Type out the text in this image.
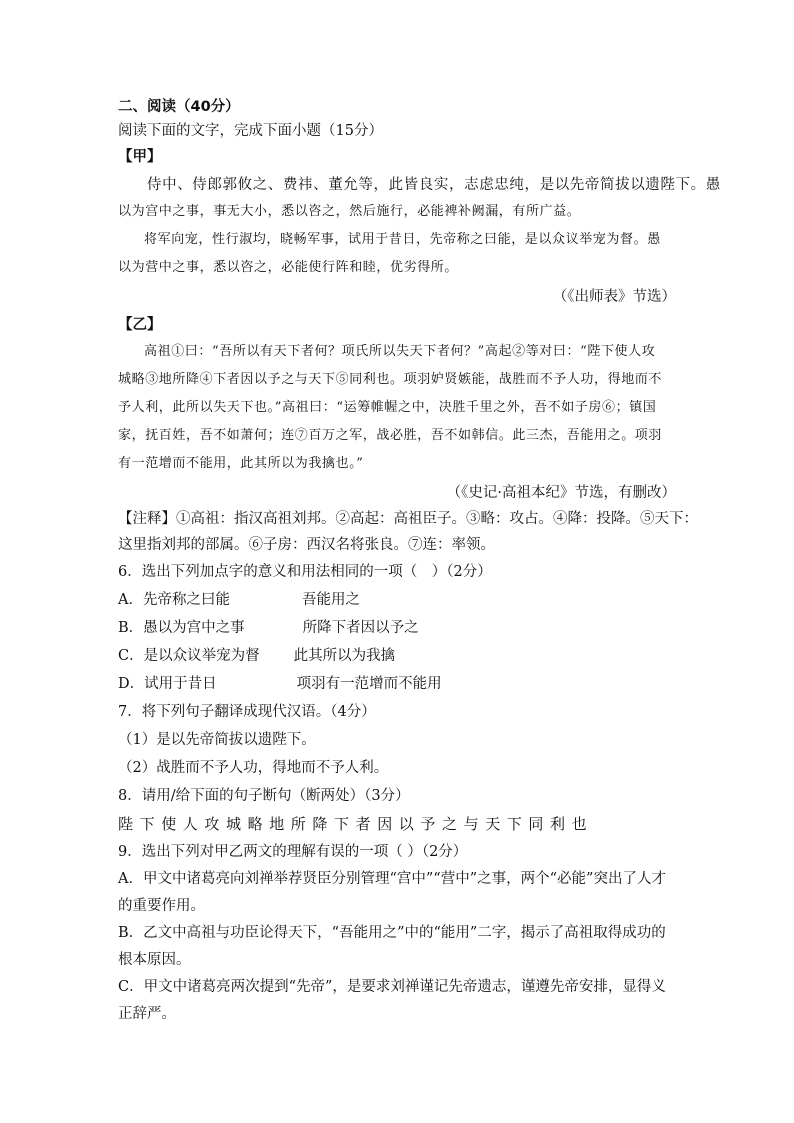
二、阅读（40分）
阅读下面的文字，完成下面小题（15分）
【甲】
侍中、侍郎郭攸之、费祎、董允等，此皆良实，志虑忠纯，是以先帝简拔以遗陛下。愚
以为宫中之事，事无大小，悉以咨之，然后施行，必能裨补阙漏，有所广益。
将军向宠，性行淑均，晓畅军事，试用于昔日，先帝称之曰能，是以众议举宠为督。愚
以为营中之事，悉以咨之，必能使行阵和睦，优劣得所。
（《出师表》节选）
【乙】
高祖①曰：“吾所以有天下者何？项氏所以失天下者何？”高起②等对曰：“陛下使人攻
城略③地所降④下者因以予之与天下⑤同利也。项羽妒贤嫉能，战胜而不予人功，得地而不
予人利，此所以失天下也。”高祖曰：“运筹帷幄之中，决胜千里之外，吾不如子房⑥；镇国
家，抚百姓，吾不如萧何；连⑦百万之军，战必胜，吾不如韩信。此三杰，吾能用之。项羽
有一范增而不能用，此其所以为我擒也。”
（《史记·高祖本纪》节选，有删改）
【注释】①高祖：指汉高祖刘邦。②高起：高祖臣子。③略：攻占。④降：投降。⑤天下：
这里指刘邦的部属。⑥子房：西汉名将张良。⑦连：率领。
6．选出下列加点字的意义和用法相同的一项（　）（2分）
A．先帝称之曰能	吾能用之
B．愚以为宫中之事	所降下者因以予之
C．是以众议举宠为督 此其所以为我擒
D．试用于昔日	项羽有一范增而不能用
7．将下列句子翻译成现代汉语。（4分）
（1）是以先帝简拔以遗陛下。
（2）战胜而不予人功，得地而不予人利。
8．请用/给下面的句子断句（断两处）（3分）
陛下使人攻城略地所降下者因以予之与天下同利也
9．选出下列对甲乙两文的理解有误的一项（ ）（2分）
A．甲文中诸葛亮向刘禅举荐贤臣分别管理“宫中”“营中”之事，两个“必能”突出了人才的重要作用。
B．乙文中高祖与功臣论得天下，“吾能用之”中的“能用”二字，揭示了高祖取得成功的根本原因。
C．甲文中诸葛亮两次提到“先帝”，是要求刘禅谨记先帝遗志，谨遵先帝安排，显得义正辞严。
